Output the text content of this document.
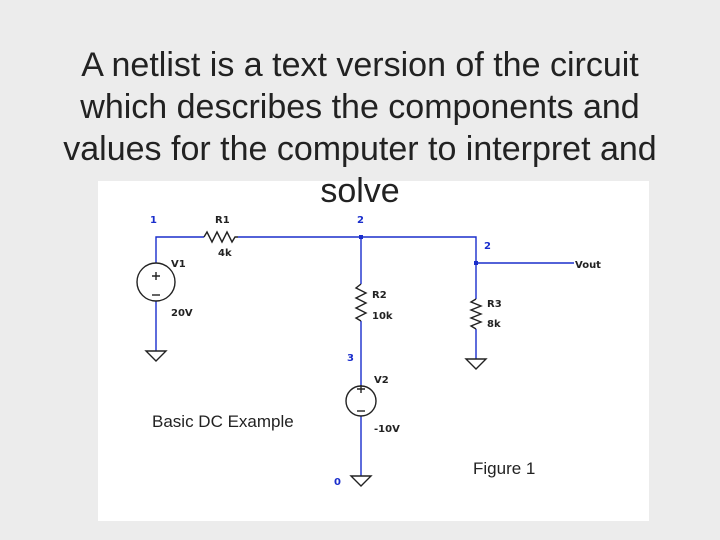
A netlist is a text version of the circuit
which describes the components and
values for the computer to interpret and
solve
1	2
2
3
0
R1
4k
R2
10k
R3
8k
V1
20V
V2
-10V
Vout
Basic DC Example
Figure 1
